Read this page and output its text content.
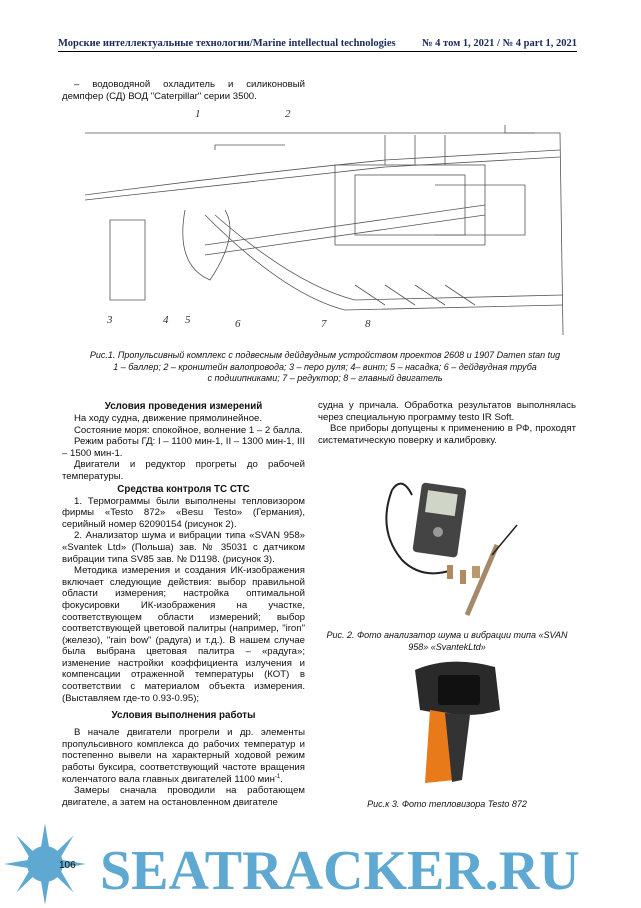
Морские интеллектуальные технологии/Marine intellectual technologies	№ 4 том 1, 2021 / № 4 part 1, 2021
– водоводяной охладитель и силиконовый демпфер (СД) ВОД "Caterpillar" серии 3500.
1	2
3	4 5	6	7	8
Рис.1. Пропульсивный комплекс с подвесным дейдвудным устройством проектов 2608 и 1907 Damen stan tug
1 – баллер; 2 – кронштейн валопровода; 3 – перо руля; 4– винт; 5 – насадка; 6 – дейдвудная труба с подшипниками; 7 – редуктор; 8 – главный двигатель
Условия проведения измерений
На ходу судна, движение прямолинейное.
Состояние моря: спокойное, волнение 1 – 2 балла.
Режим работы ГД: I – 1100 мин-1, II – 1300 мин-1, III – 1500 мин-1.
Двигатели и редуктор прогреты до рабочей температуры.
Средства контроля ТС СТС
1. Термограммы были выполнены тепловизором фирмы «Testo 872» «Besu Testo» (Германия), серийный номер 62090154 (рисунок 2).
2. Анализатор шума и вибрации типа «SVAN 958» «Svantek Ltd» (Польша) зав. № 35031 с датчиком вибрации типа SV85 зав. № D1198. (рисунок 3).
Методика измерения и создания ИК-изображения включает следующие действия: выбор правильной области измерения; настройка оптимальной фокусировки ИК-изображения на участке, соответствующем области измерений; выбор соответствующей цветовой палитры (например, "iron" (железо), "rain bow" (радуга) и т.д.). В нашем случае была выбрана цветовая палитра – «радуга»; изменение настройки коэффициента излучения и компенсации отраженной температуры (КОТ) в соответствии с материалом объекта измерения. (Выставляем где-то 0.93-0.95);
Условия выполнения работы
В начале двигатели прогрели и др. элементы пропульсивного комплекса до рабочих температур и постепенно вывели на характерный ходовой режим работы буксира, соответствующий частоте вращения коленчатого вала главных двигателей 1100 мин$^{-1}$.
Замеры сначала проводили на работающем двигателе, а затем на остановленном двигателе
судна у причала. Обработка результатов выполнялась через специальную программу testo IR Soft.
Все приборы допущены к применению в РФ, проходят систематическую поверку и калибровку.
Рис. 2. Фото анализатор шума и вибрации типа «SVAN 958» «SvantekLtd»
Рис.к 3. Фото тепловизора Testo 872
106 SEATRACKER.RU
